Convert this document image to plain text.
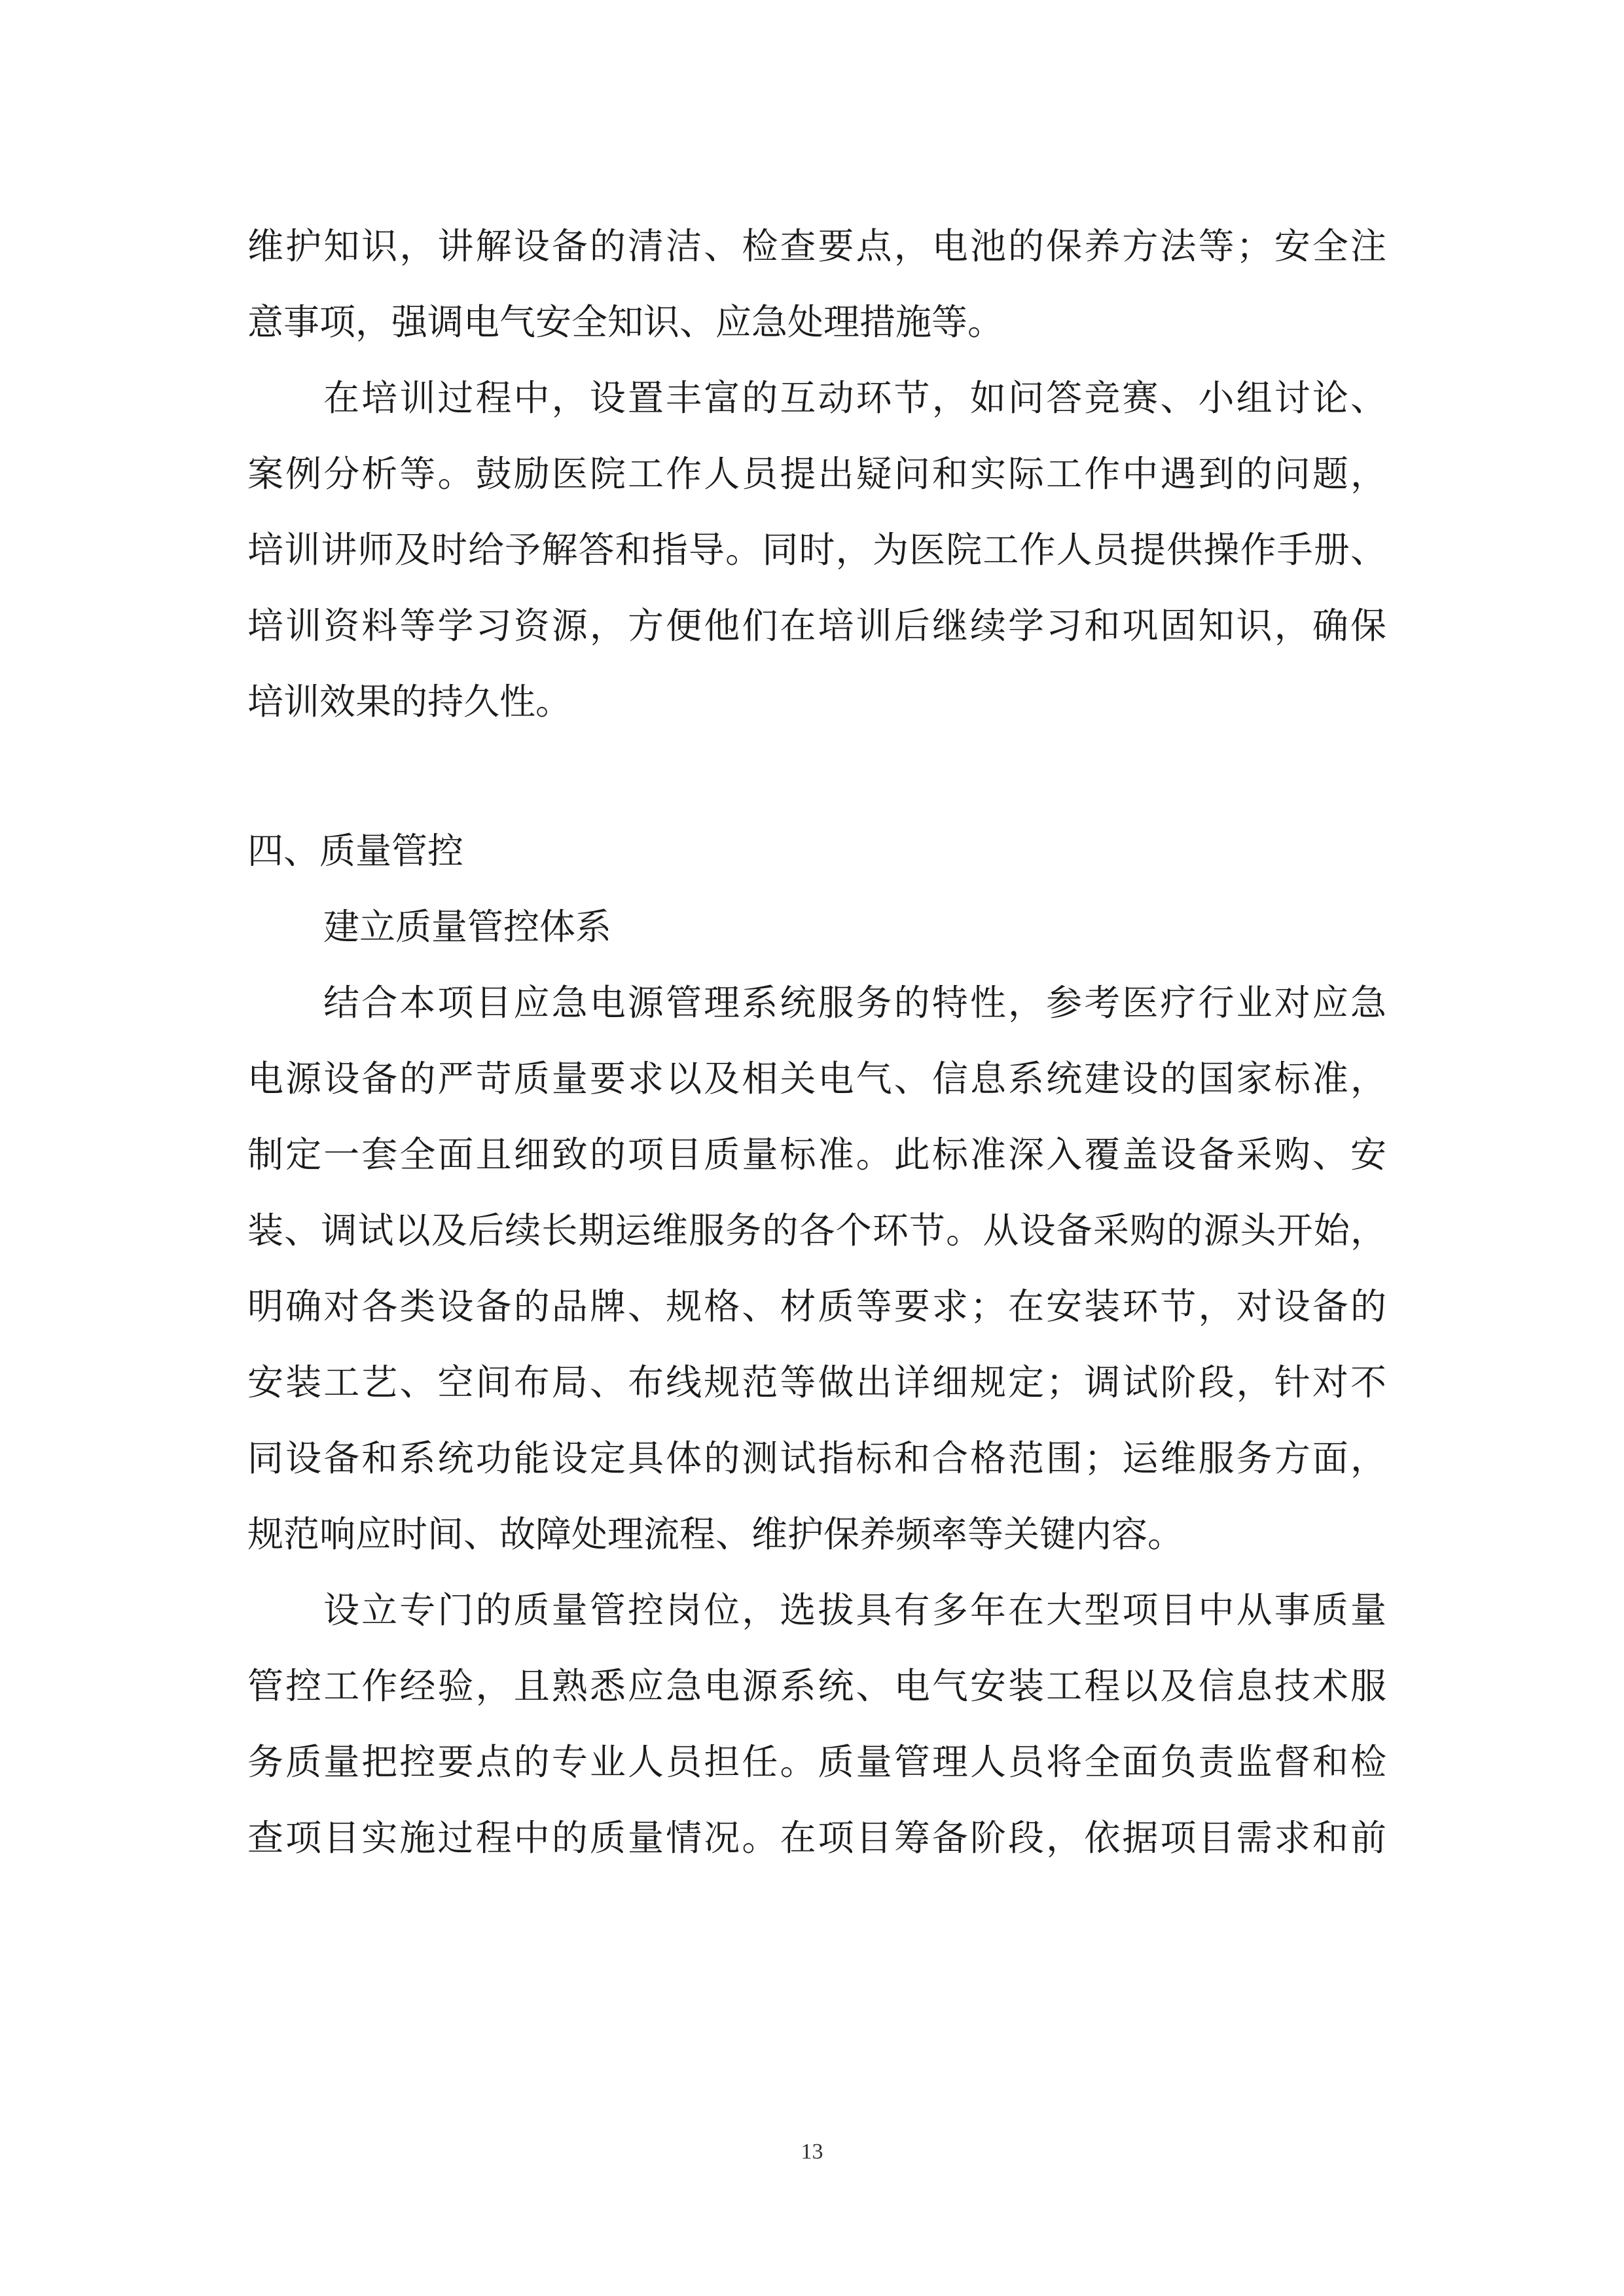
维护知识，讲解设备的清洁、检查要点，电池的保养方法等；安全注
意事项，强调电气安全知识、应急处理措施等。
在培训过程中，设置丰富的互动环节，如问答竞赛、小组讨论、
案例分析等。鼓励医院工作人员提出疑问和实际工作中遇到的问题，
培训讲师及时给予解答和指导。同时，为医院工作人员提供操作手册、
培训资料等学习资源，方便他们在培训后继续学习和巩固知识，确保
培训效果的持久性。
四、质量管控
建立质量管控体系
结合本项目应急电源管理系统服务的特性，参考医疗行业对应急
电源设备的严苛质量要求以及相关电气、信息系统建设的国家标准，
制定一套全面且细致的项目质量标准。此标准深入覆盖设备采购、安
装、调试以及后续长期运维服务的各个环节。从设备采购的源头开始，
明确对各类设备的品牌、规格、材质等要求；在安装环节，对设备的
安装工艺、空间布局、布线规范等做出详细规定；调试阶段，针对不
同设备和系统功能设定具体的测试指标和合格范围；运维服务方面，
规范响应时间、故障处理流程、维护保养频率等关键内容。
设立专门的质量管控岗位，选拔具有多年在大型项目中从事质量
管控工作经验，且熟悉应急电源系统、电气安装工程以及信息技术服
务质量把控要点的专业人员担任。质量管理人员将全面负责监督和检
查项目实施过程中的质量情况。在项目筹备阶段，依据项目需求和前
13
